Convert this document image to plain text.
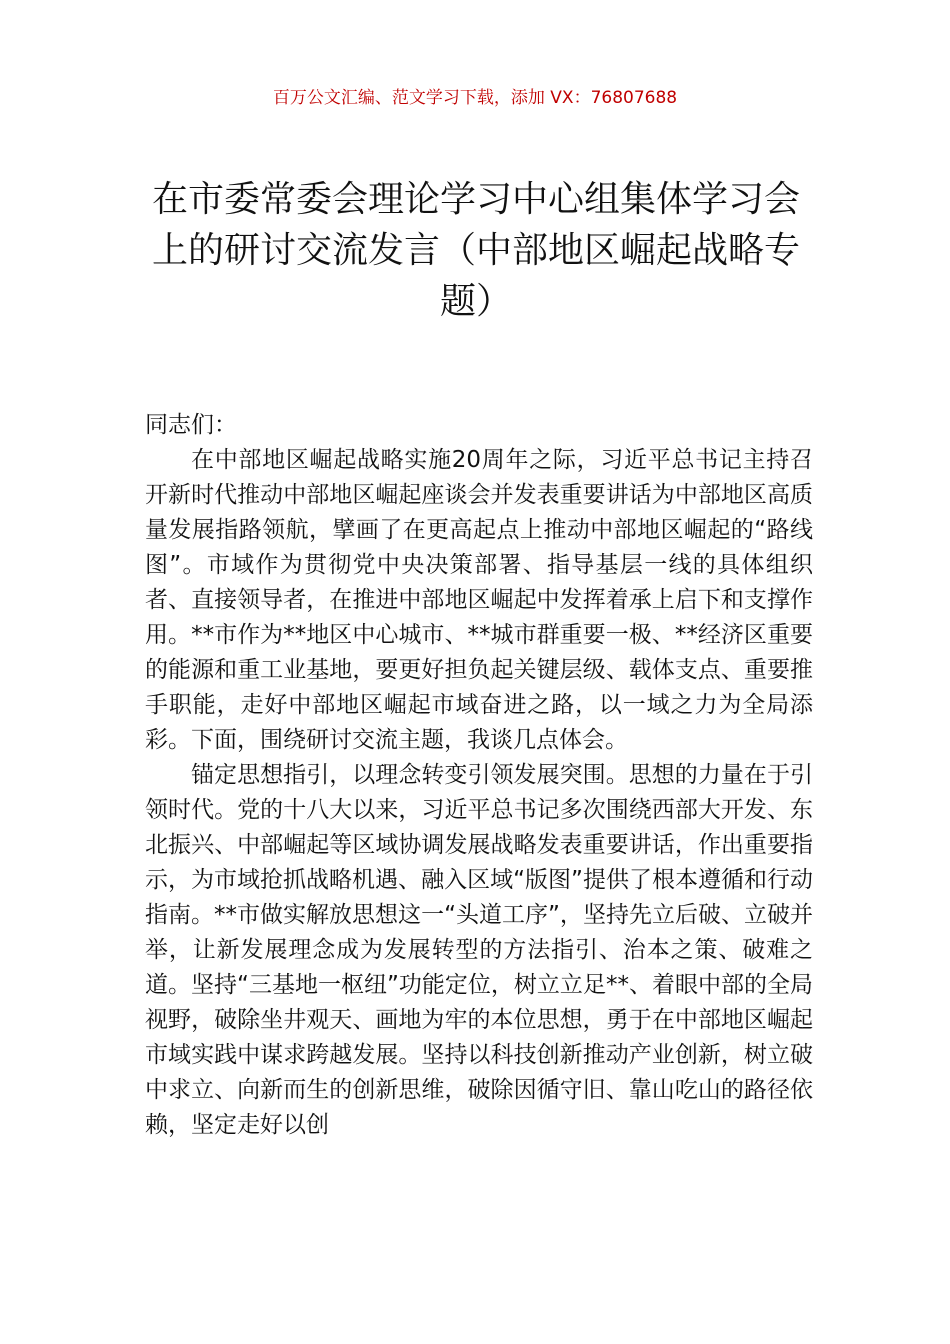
百万公文汇编、范文学习下载，添加 VX：76807688
在市委常委会理论学习中心组集体学习会上的研讨交流发言（中部地区崛起战略专题）

同志们：

在中部地区崛起战略实施20周年之际，习近平总书记主持召开新时代推动中部地区崛起座谈会并发表重要讲话为中部地区高质量发展指路领航，擘画了在更高起点上推动中部地区崛起的“路线图”。市域作为贯彻党中央决策部署、指导基层一线的具体组织者、直接领导者，在推进中部地区崛起中发挥着承上启下和支撑作用。**市作为**地区中心城市、**城市群重要一极、**经济区重要的能源和重工业基地，要更好担负起关键层级、载体支点、重要推手职能，走好中部地区崛起市域奋进之路，以一域之力为全局添彩。下面，围绕研讨交流主题，我谈几点体会。

锚定思想指引，以理念转变引领发展突围。思想的力量在于引领时代。党的十八大以来，习近平总书记多次围绕西部大开发、东北振兴、中部崛起等区域协调发展战略发表重要讲话，作出重要指示，为市域抢抓战略机遇、融入区域“版图”提供了根本遵循和行动指南。**市做实解放思想这一“头道工序”，坚持先立后破、立破并举，让新发展理念成为发展转型的方法指引、治本之策、破难之道。坚持“三基地一枢纽”功能定位，树立立足**、着眼中部的全局视野，破除坐井观天、画地为牢的本位思想，勇于在中部地区崛起市域实践中谋求跨越发展。坚持以科技创新推动产业创新，树立破中求立、向新而生的创新思维，破除因循守旧、靠山吃山的路径依赖，坚定走好以创
